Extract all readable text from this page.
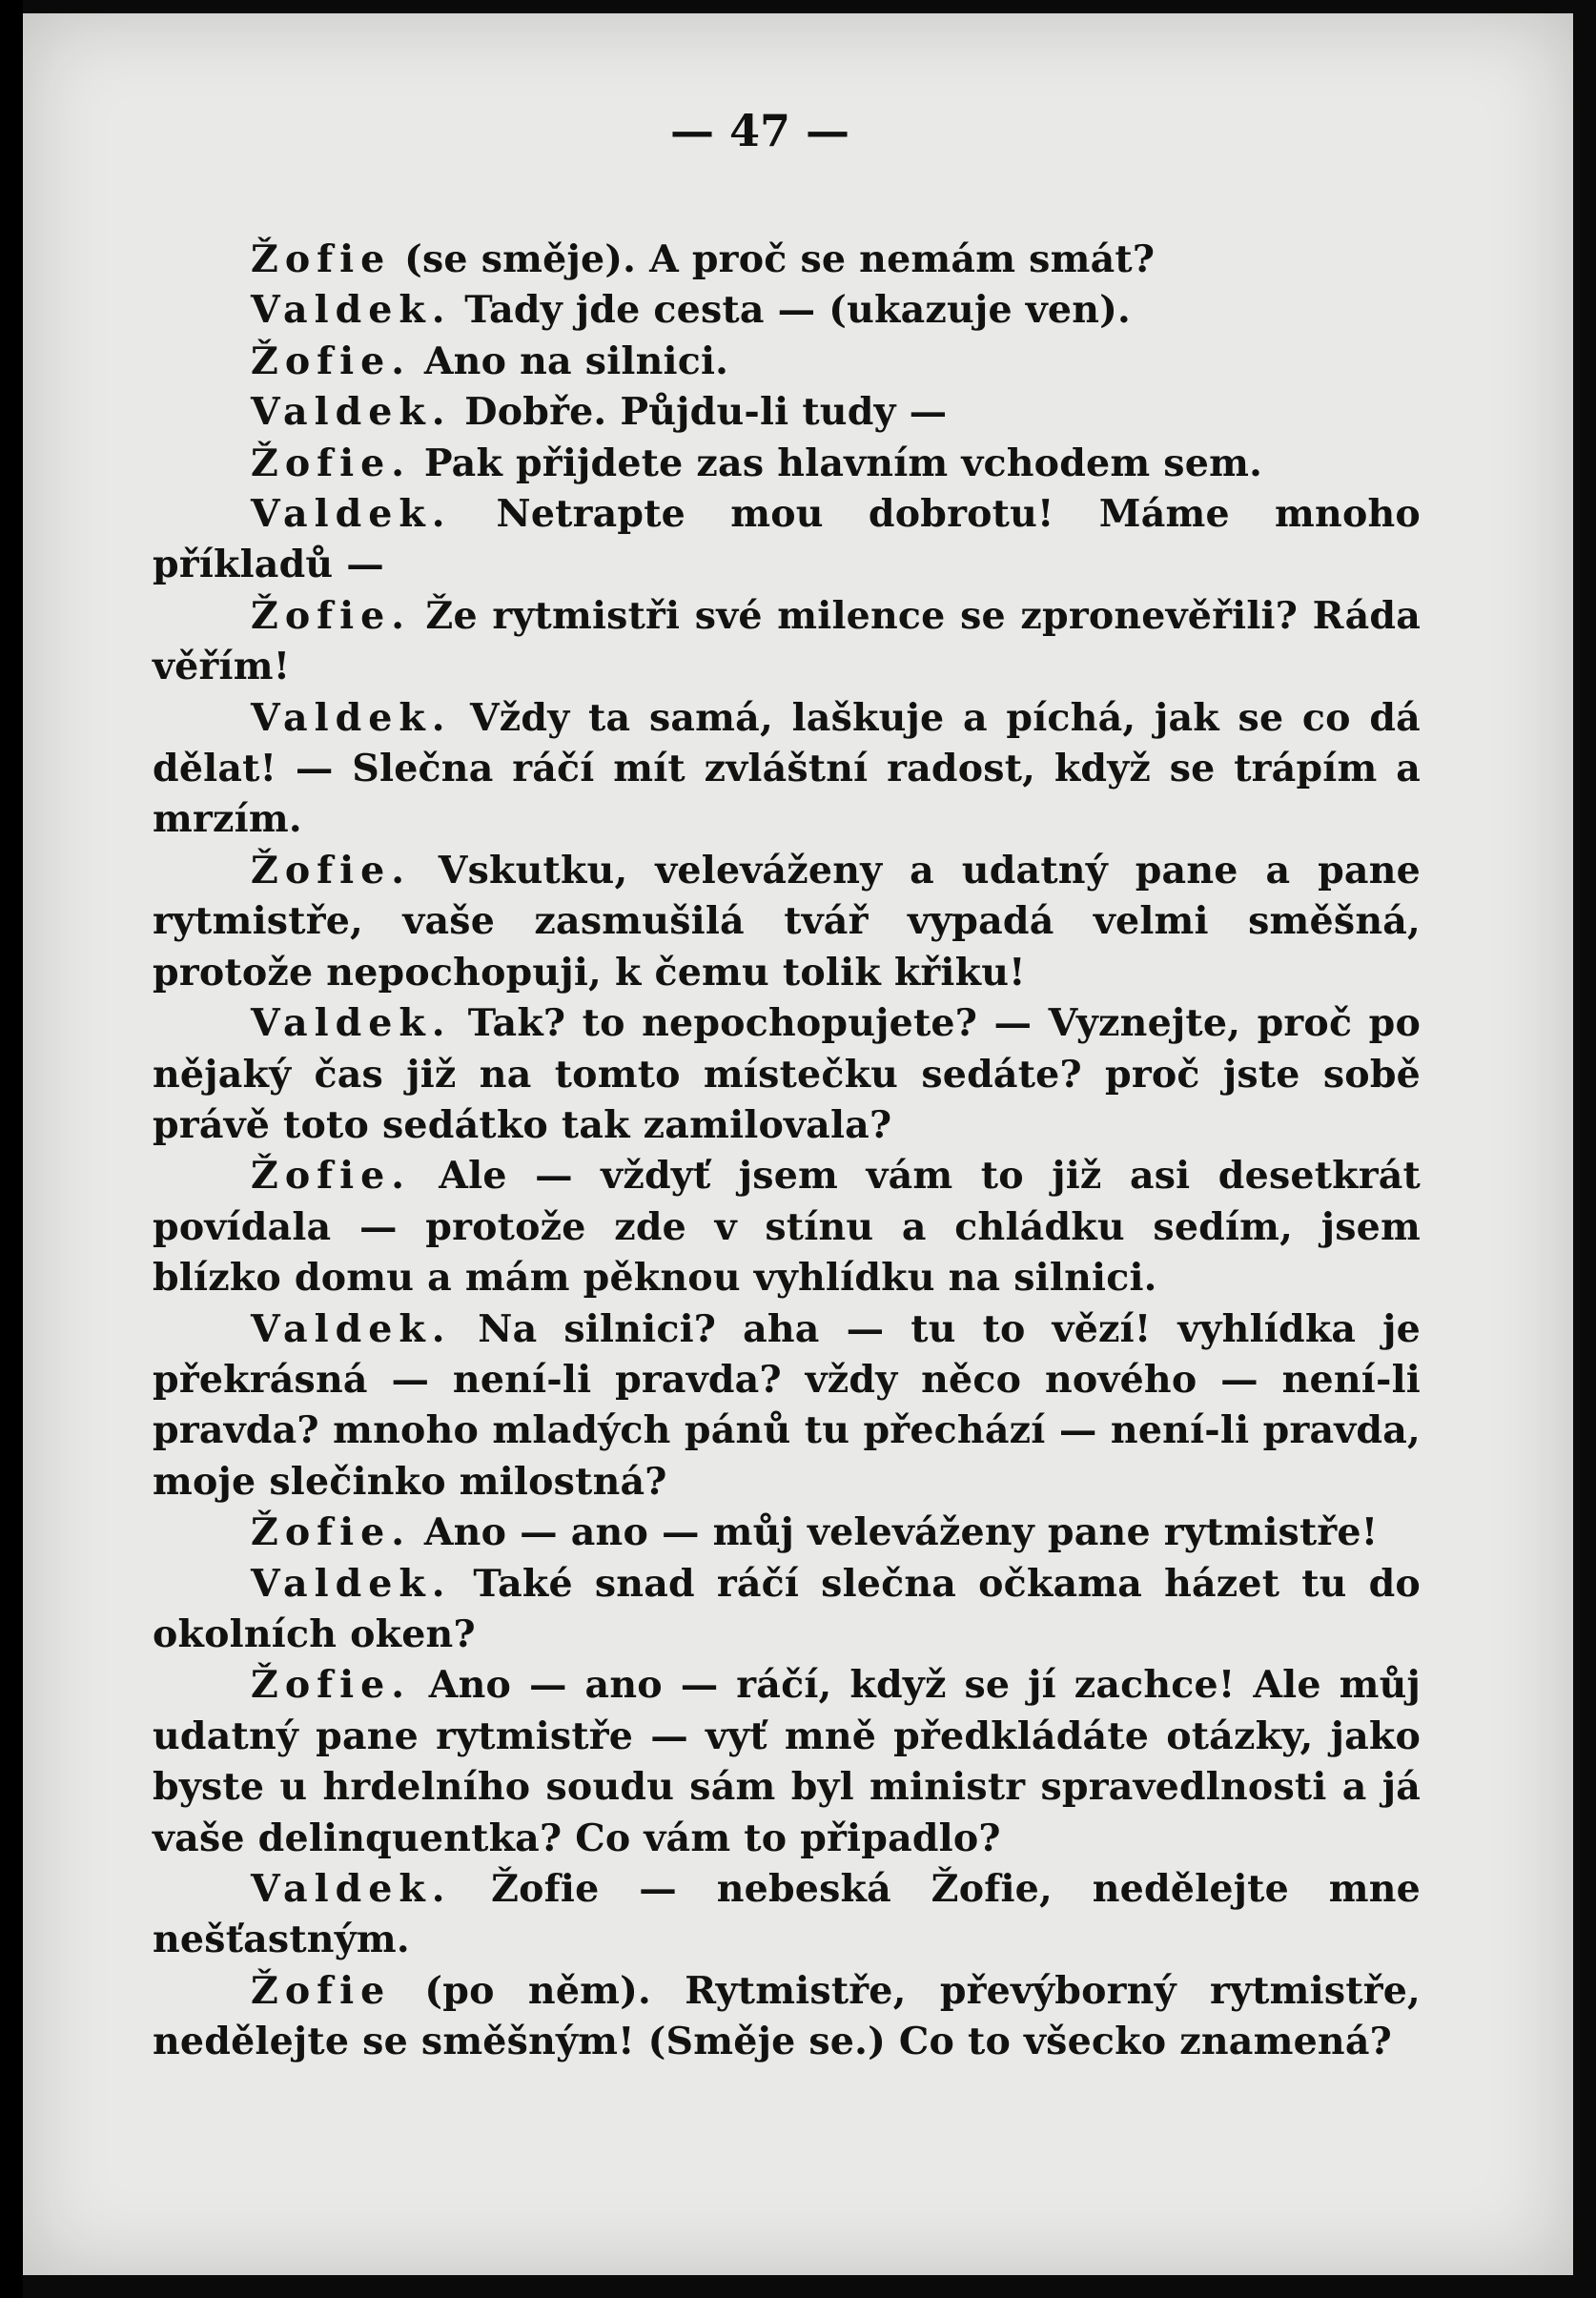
— 47 —

Žofie (se směje). A proč se nemám smát?

Valdek. Tady jde cesta — (ukazuje ven).

Žofie. Ano na silnici.

Valdek. Dobře. Půjdu-li tudy —

Žofie. Pak přijdete zas hlavním vchodem sem.

Valdek. Netrapte mou dobrotu! Máme mnoho příkladů —

Žofie. Že rytmistři své milence se zpronevěřili? Ráda věřím!

Valdek. Vždy ta samá, laškuje a píchá, jak se co dá dělat! — Slečna ráčí mít zvláštní radost, když se trápím a mrzím.

Žofie. Vskutku, veleváženy a udatný pane a pane rytmistře, vaše zasmušilá tvář vypadá velmi směšná, protože nepochopuji, k čemu tolik křiku!

Valdek. Tak? to nepochopujete? — Vyznejte, proč po nějaký čas již na tomto místečku sedáte? proč jste sobě právě toto sedátko tak zamilovala?

Žofie. Ale — vždyť jsem vám to již asi desetkrát povídala — protože zde v stínu a chládku sedím, jsem blízko domu a mám pěknou vyhlídku na silnici.

Valdek. Na silnici? aha — tu to vězí! vyhlídka je překrásná — není-li pravda? vždy něco nového — není-li pravda? mnoho mladých pánů tu přechází — není-li pravda, moje slečinko milostná?

Žofie. Ano — ano — můj veleváženy pane rytmistře!

Valdek. Také snad ráčí slečna očkama házet tu do okolních oken?

Žofie. Ano — ano — ráčí, když se jí zachce! Ale můj udatný pane rytmistře — vyť mně předkládáte otázky, jako byste u hrdelního soudu sám byl ministr spravedlnosti a já vaše delinquentka? Co vám to připadlo?

Valdek. Žofie — nebeská Žofie, nedělejte mne nešťastným.

Žofie (po něm). Rytmistře, převýborný rytmistře, nedělejte se směšným! (Směje se.) Co to všecko znamená?
